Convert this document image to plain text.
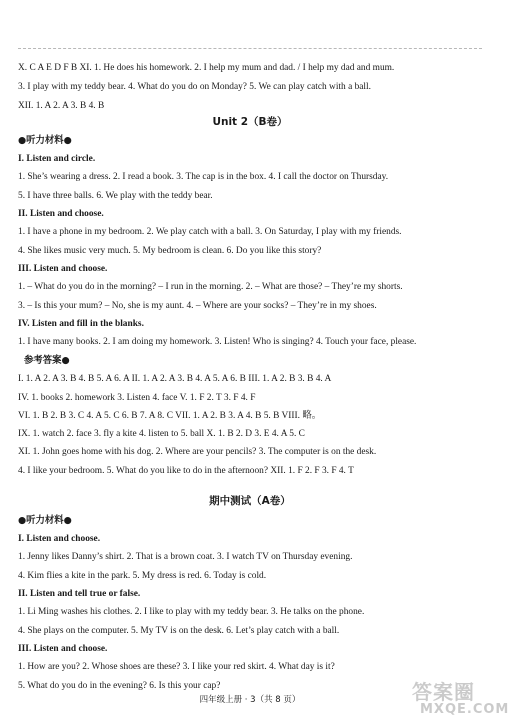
X. C A E D F B XI. 1. He does his homework. 2. I help my mum and dad. / I help my dad and mum.
3. I play with my teddy bear. 4. What do you do on Monday? 5. We can play catch with a ball.
XII. 1. A 2. A 3. B 4. B
Unit 2（B卷）
●听力材料●
I. Listen and circle.
1. She’s wearing a dress. 2. I read a book. 3. The cap is in the box. 4. I call the doctor on Thursday.
5. I have three balls. 6. We play with the teddy bear.
II. Listen and choose.
1. I have a phone in my bedroom. 2. We play catch with a ball. 3. On Saturday, I play with my friends.
4. She likes music very much. 5. My bedroom is clean. 6. Do you like this story?
III. Listen and choose.
1. – What do you do in the morning? – I run in the morning. 2. – What are those? – They’re my shorts.
3. – Is this your mum? – No, she is my aunt. 4. – Where are your socks? – They’re in my shoes.
IV. Listen and fill in the blanks.
1. I have many books. 2. I am doing my homework. 3. Listen! Who is singing? 4. Touch your face, please.
参考答案●
I. 1. A 2. A 3. B 4. B 5. A 6. A II. 1. A 2. A 3. B 4. A 5. A 6. B III. 1. A 2. B 3. B 4. A
IV. 1. books 2. homework 3. Listen 4. face V. 1. F 2. T 3. F 4. F
VI. 1. B 2. B 3. C 4. A 5. C 6. B 7. A 8. C VII. 1. A 2. B 3. A 4. B 5. B VIII. 略。
IX. 1. watch 2. face 3. fly a kite 4. listen to 5. ball X. 1. B 2. D 3. E 4. A 5. C
XI. 1. John goes home with his dog. 2. Where are your pencils? 3. The computer is on the desk.
4. I like your bedroom. 5. What do you like to do in the afternoon? XII. 1. F 2. F 3. F 4. T
期中测试（A卷）
●听力材料●
I. Listen and choose.
1. Jenny likes Danny’s shirt. 2. That is a brown coat. 3. I watch TV on Thursday evening.
4. Kim flies a kite in the park. 5. My dress is red. 6. Today is cold.
II. Listen and tell true or false.
1. Li Ming washes his clothes. 2. I like to play with my teddy bear. 3. He talks on the phone.
4. She plays on the computer. 5. My TV is on the desk. 6. Let’s play catch with a ball.
III. Listen and choose.
1. How are you? 2. Whose shoes are these? 3. I like your red skirt. 4. What day is it?
5. What do you do in the evening? 6. Is this your cap?
四年级上册 · 3（共 8 页）	答案圈
MXQE.COM
